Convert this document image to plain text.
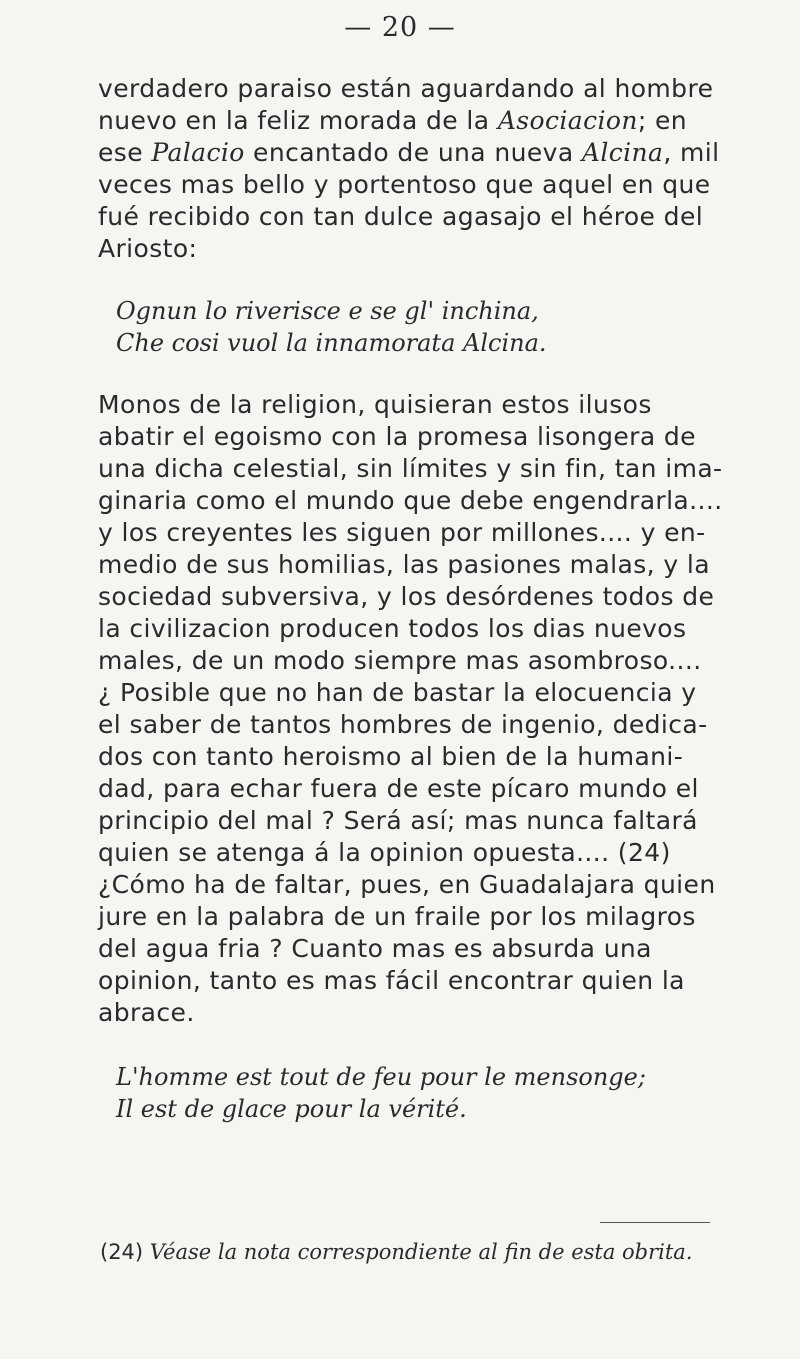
— 20 —
verdadero paraiso están aguardando al hombre
nuevo en la feliz morada de la Asociacion; en
ese Palacio encantado de una nueva Alcina, mil
veces mas bello y portentoso que aquel en que
fué recibido con tan dulce agasajo el héroe del
Ariosto:
Ognun lo riverisce e se gl' inchina,
Che cosi vuol la innamorata Alcina.
Monos de la religion, quisieran estos ilusos
abatir el egoismo con la promesa lisongera de
una dicha celestial, sin límites y sin fin, tan ima-
ginaria como el mundo que debe engendrarla....
y los creyentes les siguen por millones.... y en-
medio de sus homilias, las pasiones malas, y la
sociedad subversiva, y los desórdenes todos de
la civilizacion producen todos los dias nuevos
males, de un modo siempre mas asombroso....
¿ Posible que no han de bastar la elocuencia y
el saber de tantos hombres de ingenio, dedica-
dos con tanto heroismo al bien de la humani-
dad, para echar fuera de este pícaro mundo el
principio del mal ? Será así; mas nunca faltará
quien se atenga á la opinion opuesta.... (24)
¿Cómo ha de faltar, pues, en Guadalajara quien
jure en la palabra de un fraile por los milagros
del agua fria ? Cuanto mas es absurda una
opinion, tanto es mas fácil encontrar quien la
abrace.
L'homme est tout de feu pour le mensonge;
Il est de glace pour la vérité.
(24) Véase la nota correspondiente al fin de esta obrita.
